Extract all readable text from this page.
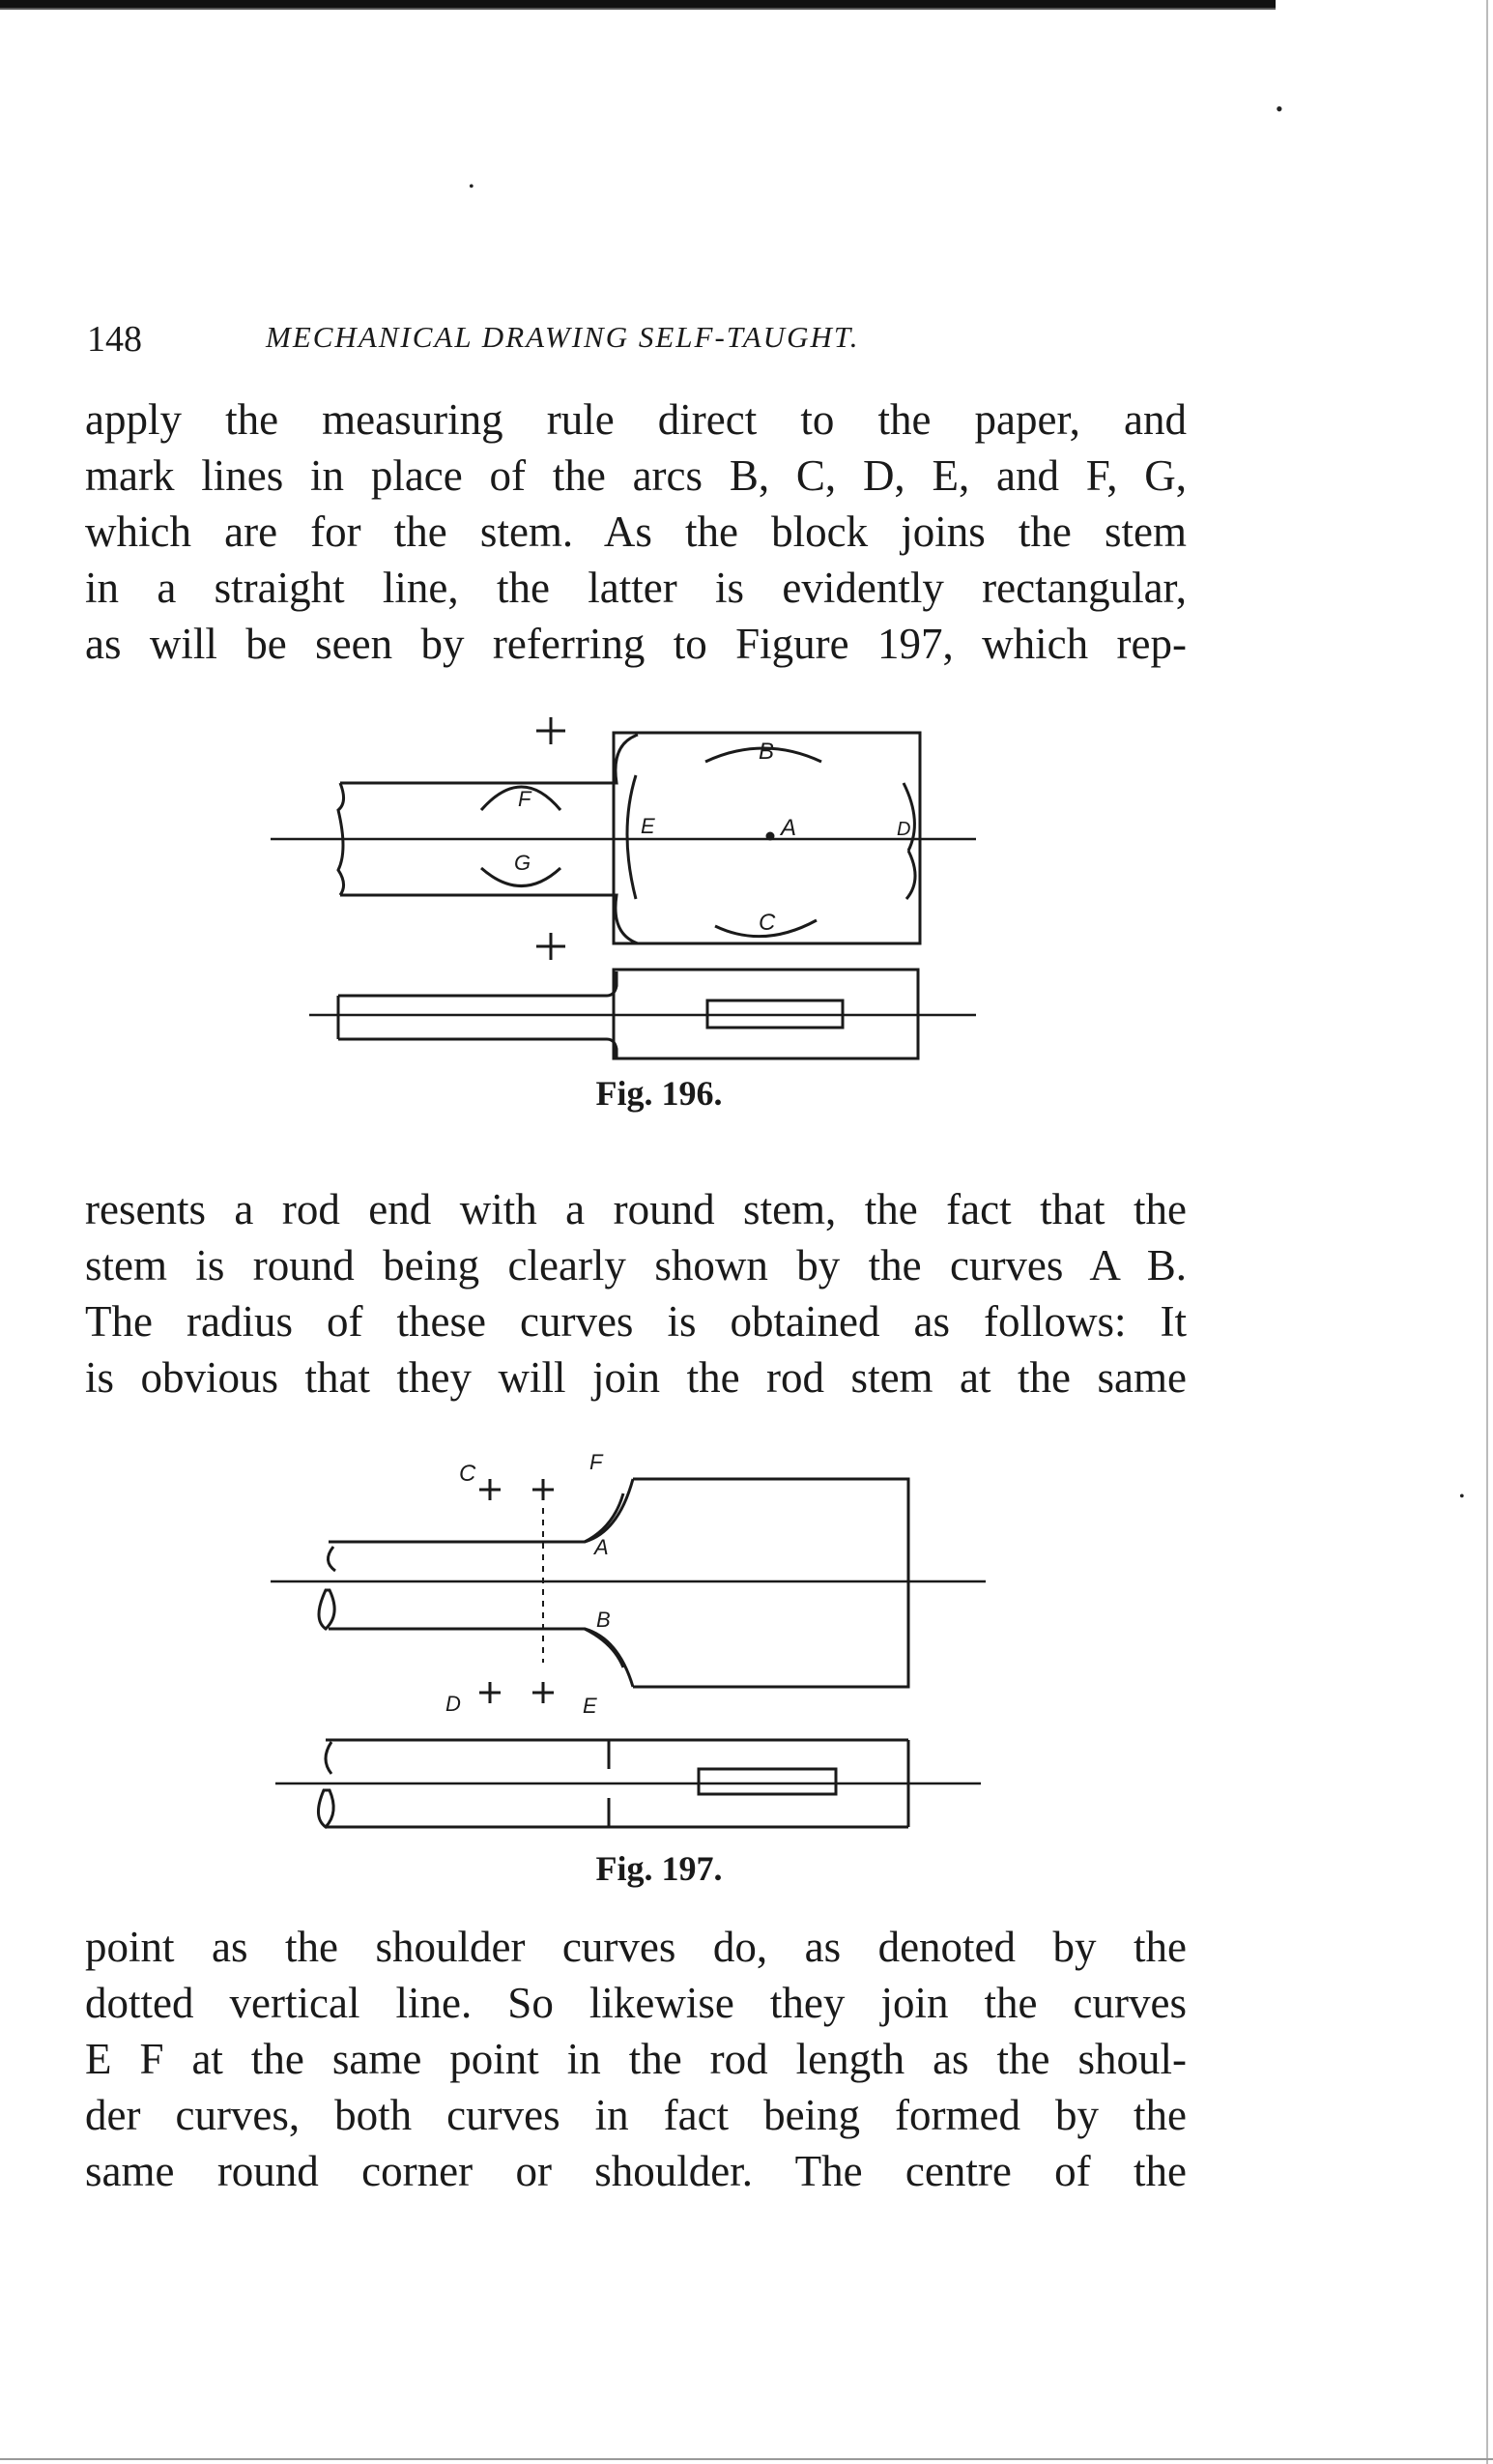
•
•
•
148	MECHANICAL DRAWING SELF-TAUGHT.
apply the measuring rule direct to the paper, and
mark lines in place of the arcs B, C, D, E, and F, G,
which are for the stem. As the block joins the stem
in a straight line, the latter is evidently rectangular,
as will be seen by referring to Figure 197, which rep-
B
C
E	A	D
F
G
Fig. 196.
resents a rod end with a round stem, the fact that the
stem is round being clearly shown by the curves A B.
The radius of these curves is obtained as follows: It
is obvious that they will join the rod stem at the same
C	F
A
B
D	E
Fig. 197.
point as the shoulder curves do, as denoted by the
dotted vertical line. So likewise they join the curves
E F at the same point in the rod length as the shoul-
der curves, both curves in fact being formed by the
same round corner or shoulder. The centre of the
